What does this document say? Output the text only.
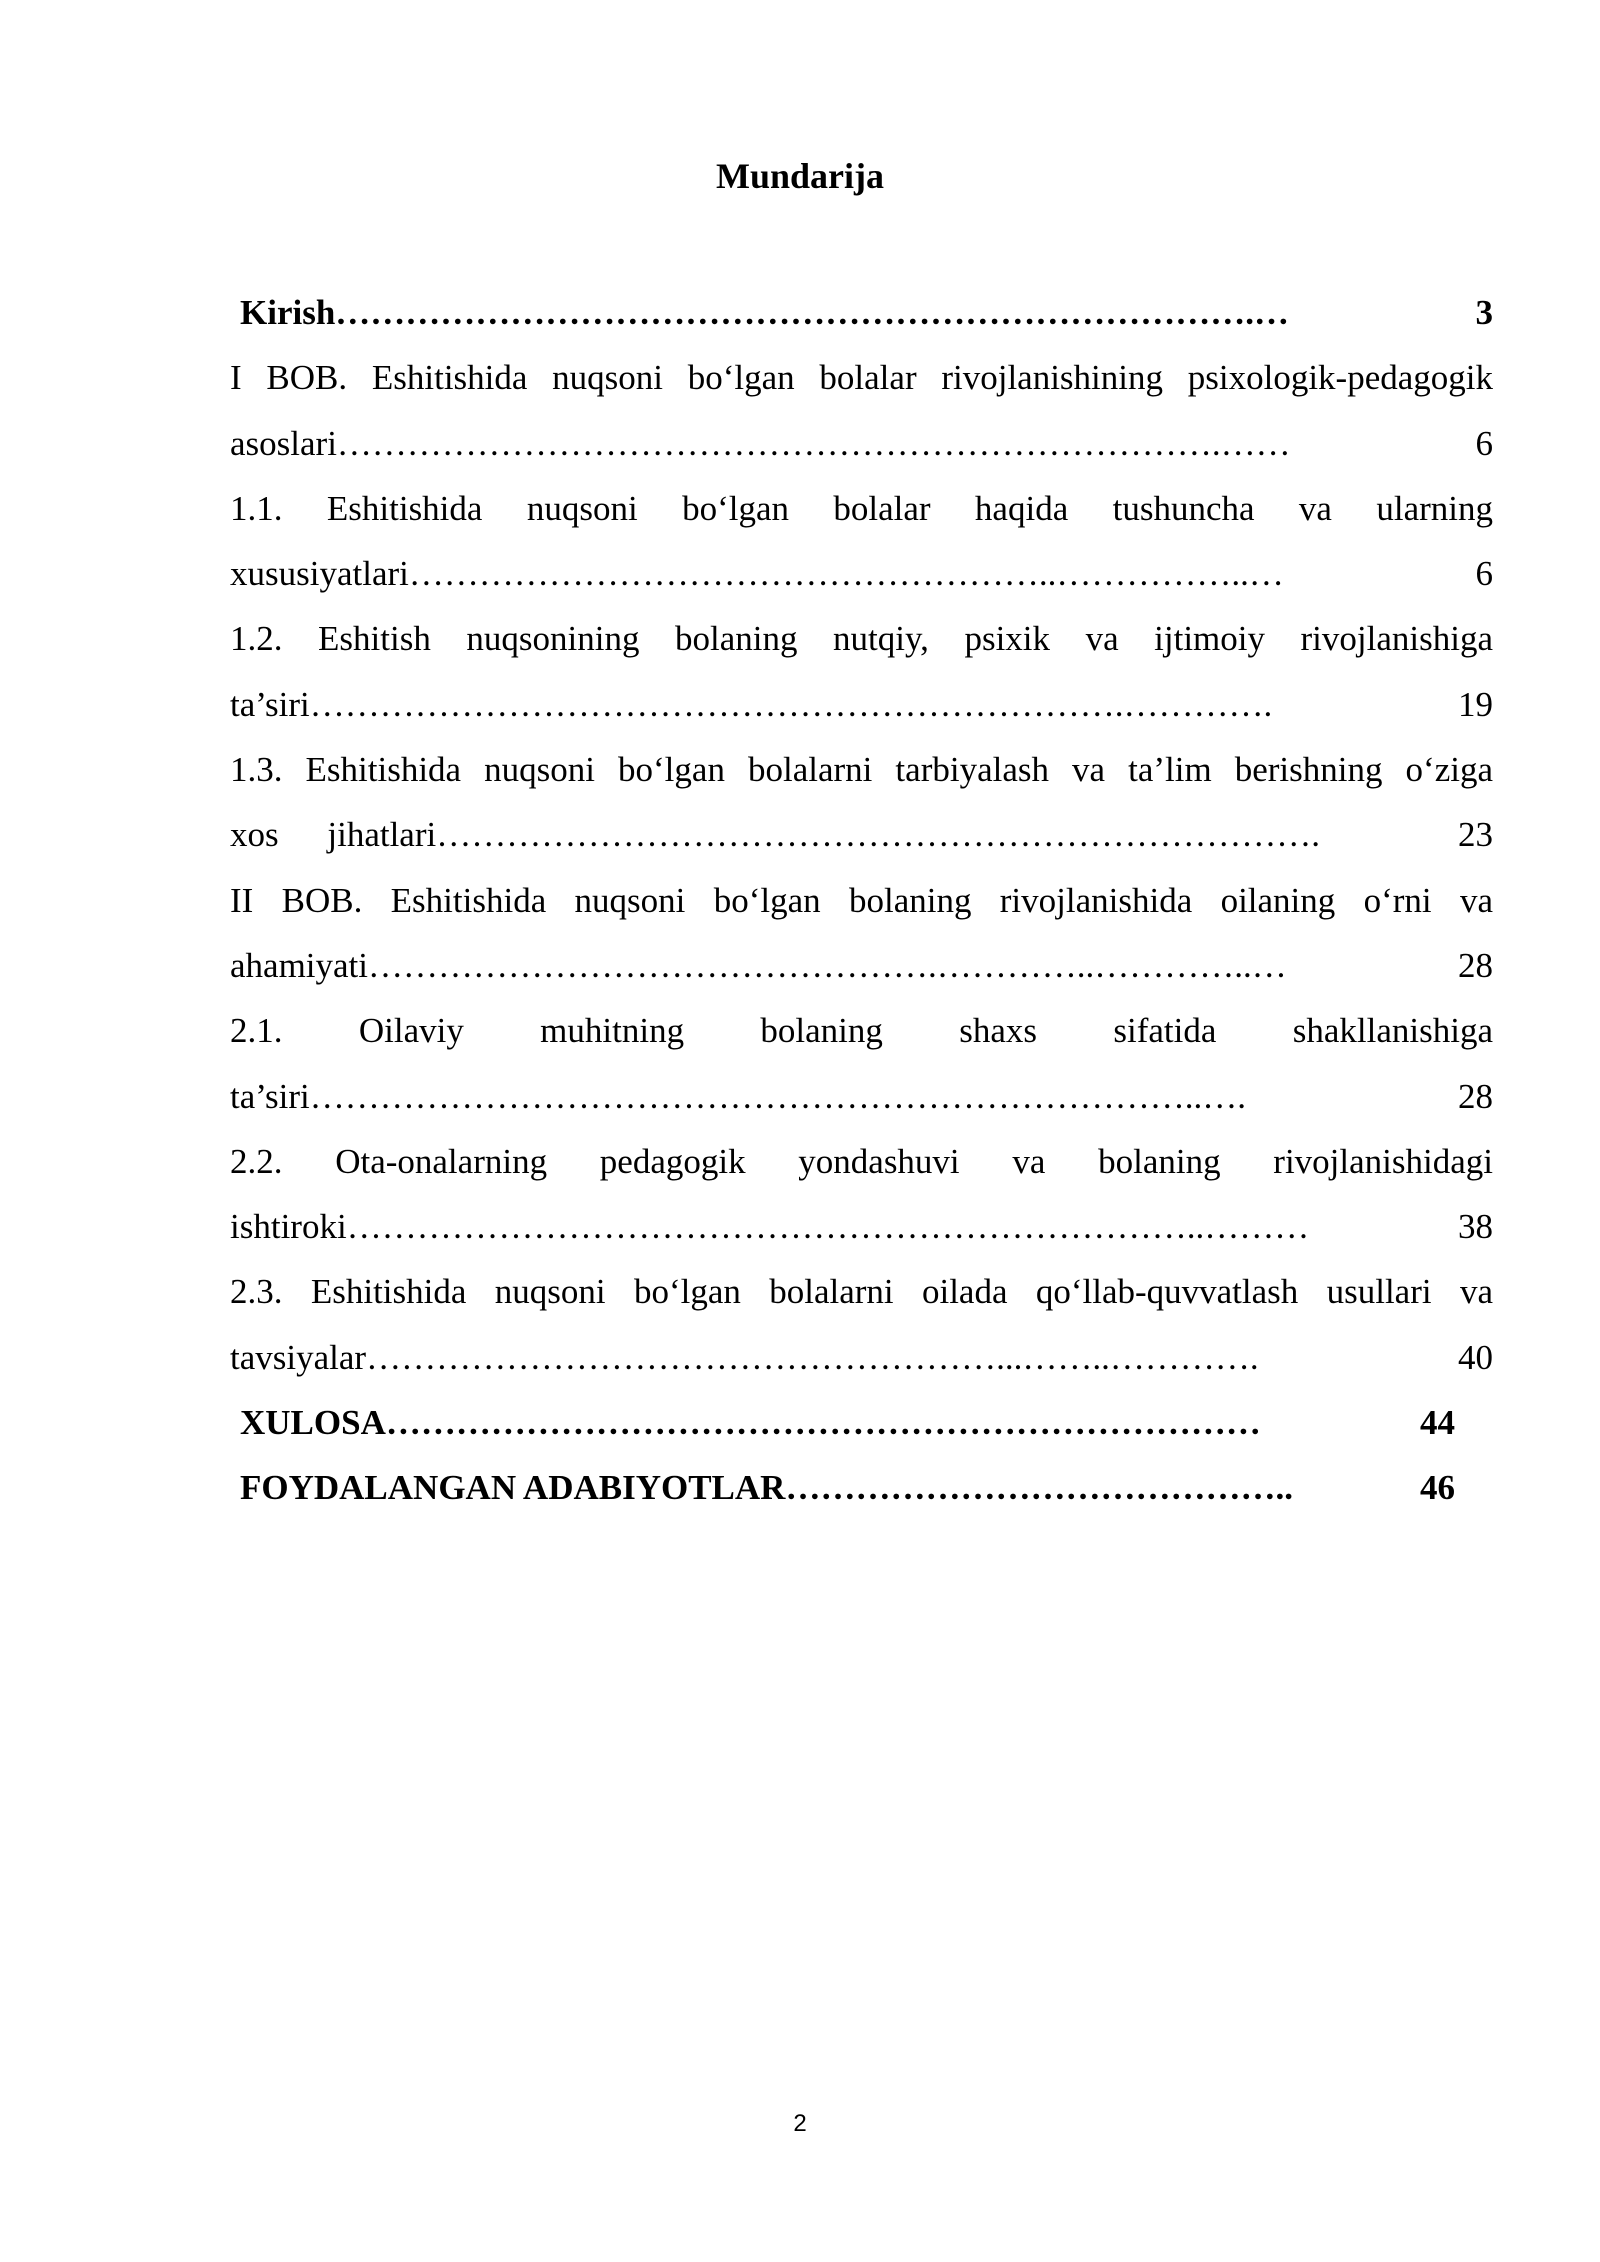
Mundarija
Kirish …………………………………………………………………….…	3
I BOB. Eshitishida nuqsoni bo‘lgan bolalar rivojlanishining psixologik-pedagogik
asoslari ………………………………………………………………….……	6
1.1. Eshitishida nuqsoni bo‘lgan bolalar haqida tushuncha va ularning
xususiyatlari ………………………………………………..……………..…	6
1.2. Eshitish nuqsonining bolaning nutqiy, psixik va ijtimoiy rivojlanishiga
ta’siri …………………………………………………………….………….	19
1.3. Eshitishida nuqsoni bo‘lgan bolalarni tarbiyalash va ta’lim berishning o‘ziga
xos jihatlari ………………………………………………………………….	23
II BOB. Eshitishida nuqsoni bo‘lgan bolaning rivojlanishida oilaning o‘rni va
ahamiyati ………………………………………….…………..…………..…	28
2.1. Oilaviy muhitning bolaning shaxs sifatida shakllanishiga
ta’siri …………………………………………………………………..….	28
2.2. Ota-onalarning pedagogik yondashuvi va bolaning rivojlanishidagi
ishtiroki ………………………………………………………………..………	38
2.3. Eshitishida nuqsoni bo‘lgan bolalarni oilada qo‘llab-quvvatlash usullari va
tavsiyalar ………………………………………………...……..………….	40
XULOSA …………………………………………………………………	44
FOYDALANGAN ADABIYOTLAR ……………………………………..	46
2
